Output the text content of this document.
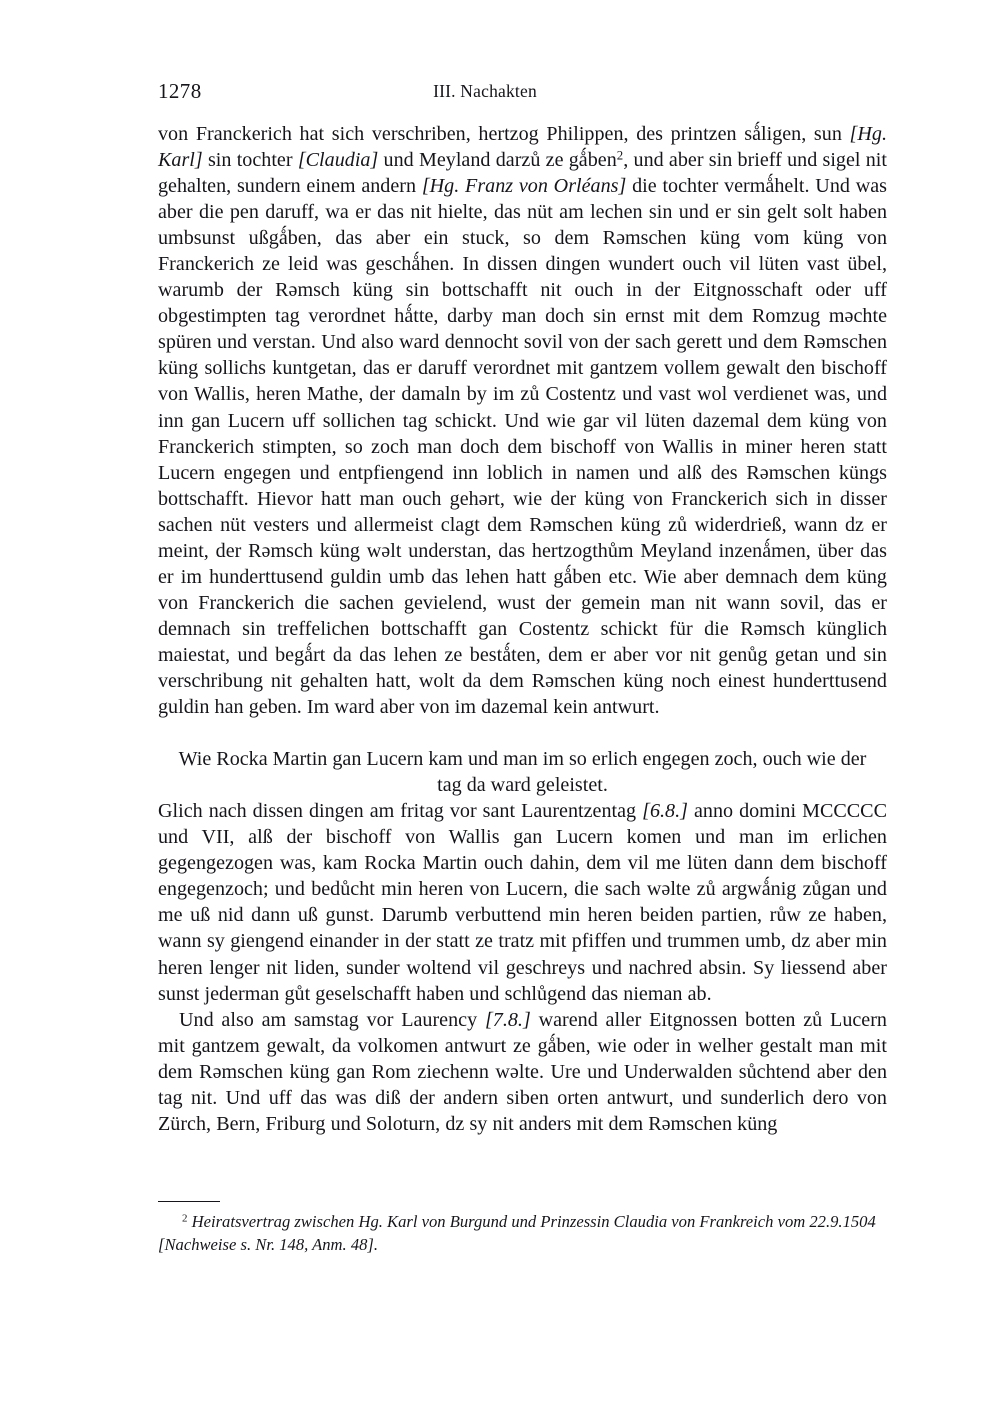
1278	III. Nachakten

von Franckerich hat sich verschriben, hertzog Philippen, des printzen sǻligen, sun [Hg. Karl] sin tochter [Claudia] und Meyland darzů ze gǻben$^2$, und aber sin brieff und sigel nit gehalten, sundern einem andern [Hg. Franz von Orléans] die tochter vermǻhelt. Und was aber die pen daruff, wa er das nit hielte, das nüt am lechen sin und er sin gelt solt haben umbsunst ußgǻben, das aber ein stuck, so dem Rǝmschen küng vom küng von Franckerich ze leid was geschǻhen. In dissen dingen wundert ouch vil lüten vast übel, warumb der Rǝmsch küng sin bottschafft nit ouch in der Eitgnosschaft oder uff obgestimpten tag verordnet hǻtte, darby man doch sin ernst mit dem Romzug mǝchte spüren und verstan. Und also ward dennocht sovil von der sach gerett und dem Rǝmschen küng sollichs kuntgetan, das er daruff verordnet mit gantzem vollem gewalt den bischoff von Wallis, heren Mathe, der damaln by im zů Costentz und vast wol verdienet was, und inn gan Lucern uff sollichen tag schickt. Und wie gar vil lüten dazemal dem küng von Franckerich stimpten, so zoch man doch dem bischoff von Wallis in miner heren statt Lucern engegen und entpfiengend inn loblich in namen und alß des Rǝmschen küngs bottschafft. Hievor hatt man ouch gehǝrt, wie der küng von Franckerich sich in disser sachen nüt vesters und allermeist clagt dem Rǝmschen küng zů widerdrieß, wann dz er meint, der Rǝmsch küng wǝlt understan, das hertzogthům Meyland inzenǻmen, über das er im hunderttusend guldin umb das lehen hatt gǻben etc. Wie aber demnach dem küng von Franckerich die sachen gevielend, wust der gemein man nit wann sovil, das er demnach sin treffelichen bottschafft gan Costentz schickt für die Rǝmsch künglich maiestat, und begǻrt da das lehen ze bestǻten, dem er aber vor nit genůg getan und sin verschribung nit gehalten hatt, wolt da dem Rǝmschen küng noch einest hunderttusend guldin han geben. Im ward aber von im dazemal kein antwurt.

Wie Rocka Martin gan Lucern kam und man im so erlich engegen zoch, ouch wie der
tag da ward geleistet.

Glich nach dissen dingen am fritag vor sant Laurentzentag [6.8.] anno domini MCCCCC und VII, alß der bischoff von Wallis gan Lucern komen und man im erlichen gegengezogen was, kam Rocka Martin ouch dahin, dem vil me lüten dann dem bischoff engegenzoch; und bedůcht min heren von Lucern, die sach wǝlte zů argwǻnig zůgan und me uß nid dann uß gunst. Darumb verbuttend min heren beiden partien, růw ze haben, wann sy giengend einander in der statt ze tratz mit pfiffen und trummen umb, dz aber min heren lenger nit liden, sunder woltend vil geschreys und nachred absin. Sy liessend aber sunst jederman gůt geselschafft haben und schlůgend das nieman ab.

Und also am samstag vor Laurency [7.8.] warend aller Eitgnossen botten zů Lucern mit gantzem gewalt, da volkomen antwurt ze gǻben, wie oder in welher gestalt man mit dem Rǝmschen küng gan Rom ziechenn wǝlte. Ure und Underwalden sůchtend aber den tag nit. Und uff das was diß der andern siben orten antwurt, und sunderlich dero von Zürch, Bern, Friburg und Soloturn, dz sy nit anders mit dem Rǝmschen küng

$^2$ Heiratsvertrag zwischen Hg. Karl von Burgund und Prinzessin Claudia von Frankreich vom 22.9.1504 [Nachweise s. Nr. 148, Anm. 48].
